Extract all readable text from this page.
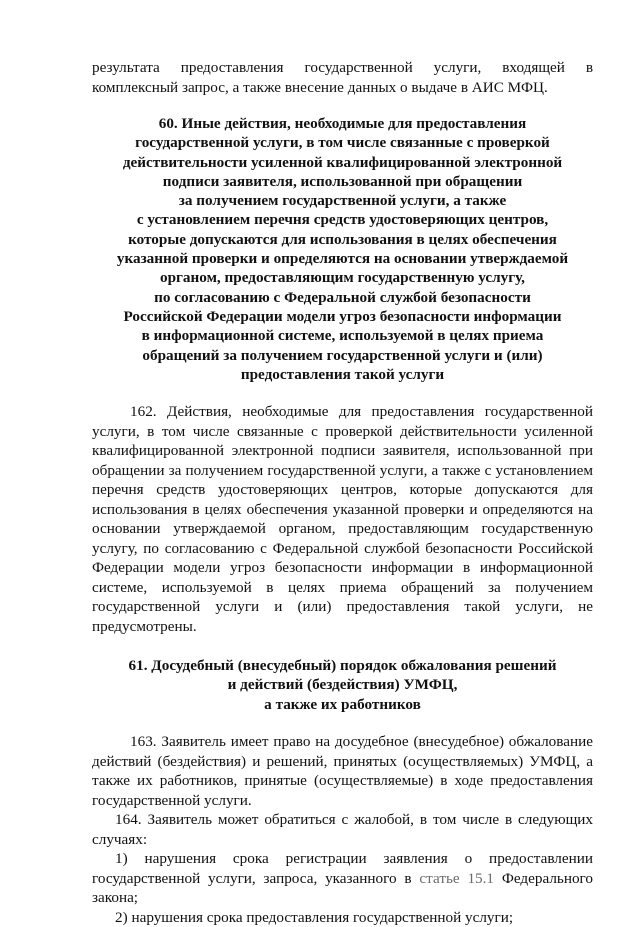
результата предоставления государственной услуги, входящей в
комплексный запрос, а также внесение данных о выдаче в АИС МФЦ.
60. Иные действия, необходимые для предоставления
государственной услуги, в том числе связанные с проверкой
действительности усиленной квалифицированной электронной
подписи заявителя, использованной при обращении
за получением государственной услуги, а также
с установлением перечня средств удостоверяющих центров,
которые допускаются для использования в целях обеспечения
указанной проверки и определяются на основании утверждаемой
органом, предоставляющим государственную услугу,
по согласованию с Федеральной службой безопасности
Российской Федерации модели угроз безопасности информации
в информационной системе, используемой в целях приема
обращений за получением государственной услуги и (или)
предоставления такой услуги
162. Действия, необходимые для предоставления государственной
услуги, в том числе связанные с проверкой действительности усиленной
квалифицированной электронной подписи заявителя, использованной при
обращении за получением государственной услуги, а также с установлением
перечня средств удостоверяющих центров, которые допускаются для
использования в целях обеспечения указанной проверки и определяются на
основании утверждаемой органом, предоставляющим государственную
услугу, по согласованию с Федеральной службой безопасности Российской
Федерации модели угроз безопасности информации в информационной
системе, используемой в целях приема обращений за получением
государственной услуги и (или) предоставления такой услуги, не
предусмотрены.
61. Досудебный (внесудебный) порядок обжалования решений
и действий (бездействия) УМФЦ,
а также их работников
163. Заявитель имеет право на досудебное (внесудебное) обжалование
действий (бездействия) и решений, принятых (осуществляемых) УМФЦ, а
также их работников, принятые (осуществляемые) в ходе предоставления
государственной услуги.
164. Заявитель может обратиться с жалобой, в том числе в следующих
случаях:
1) нарушения срока регистрации заявления о предоставлении
государственной услуги, запроса, указанного в статье 15.1 Федерального
закона;
2) нарушения срока предоставления государственной услуги;
